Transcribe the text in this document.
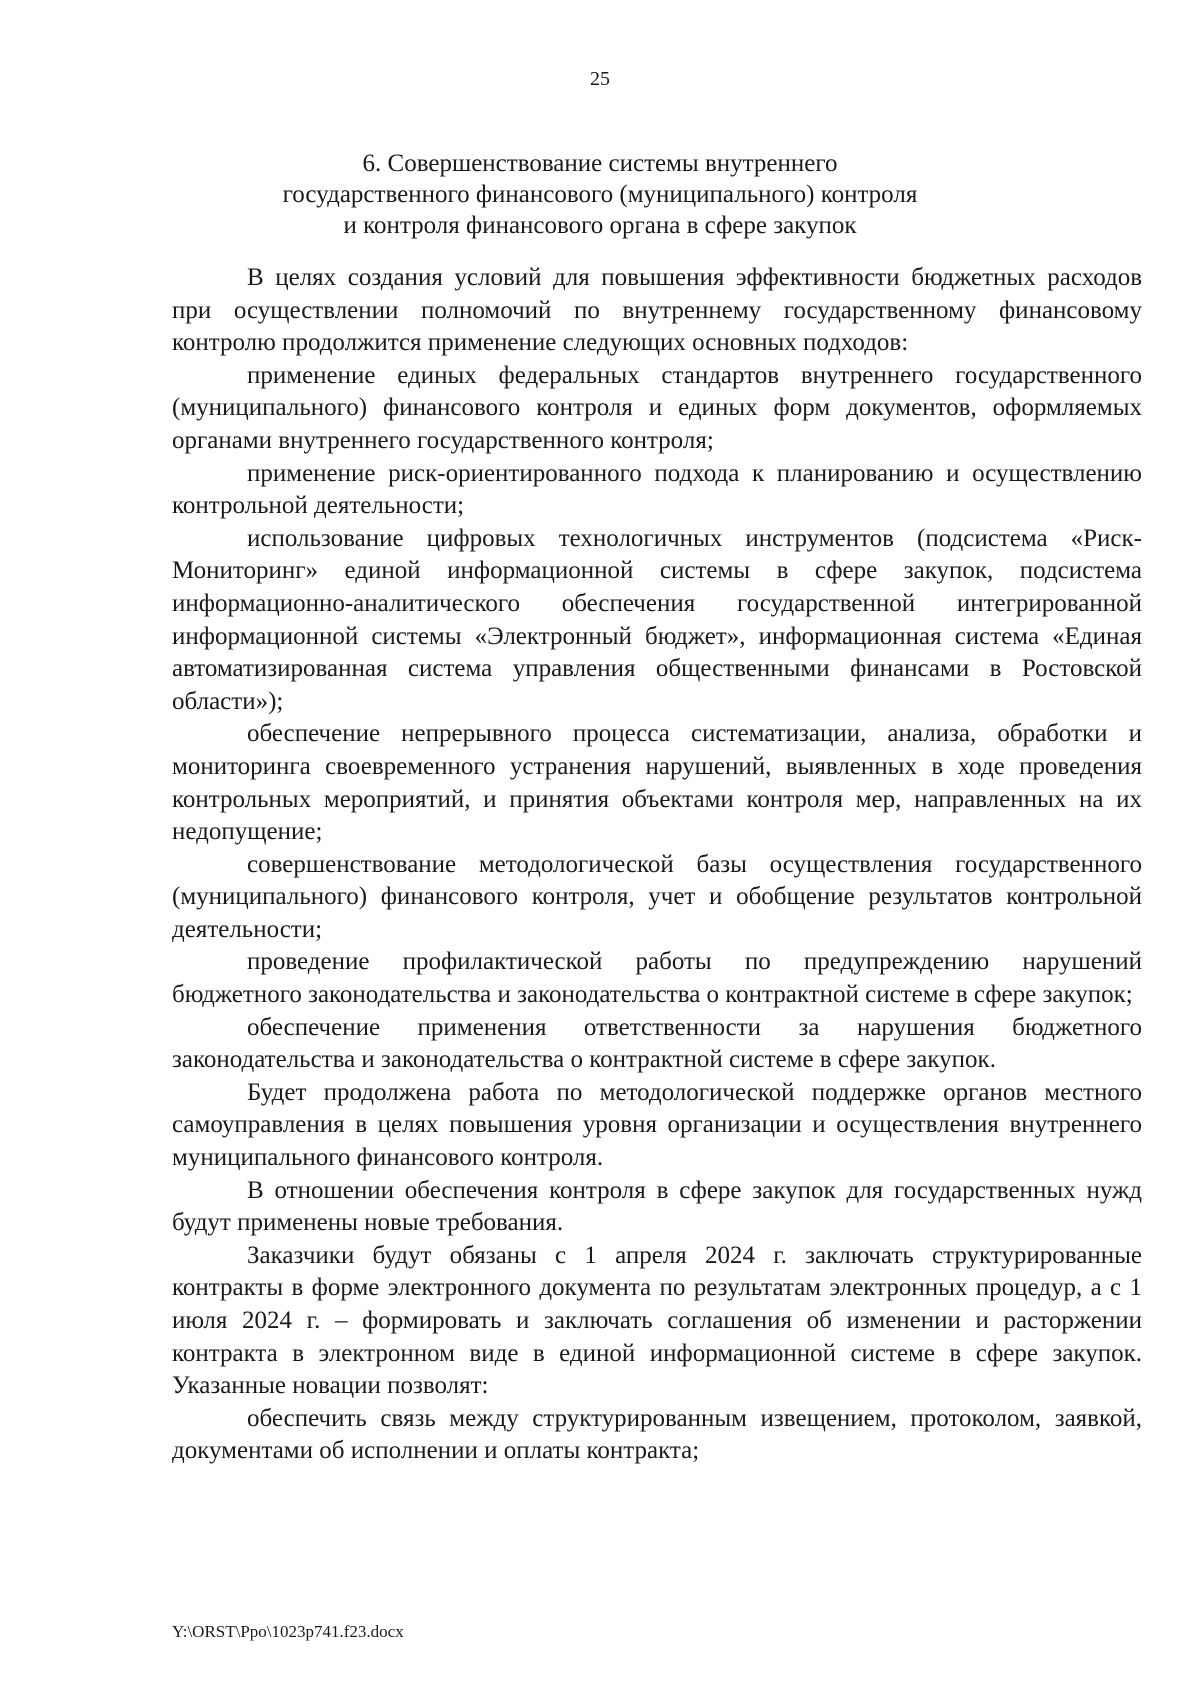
25
6. Совершенствование системы внутреннего
государственного финансового (муниципального) контроля
и контроля финансового органа в сфере закупок

В целях создания условий для повышения эффективности бюджетных расходов при осуществлении полномочий по внутреннему государственному финансовому контролю продолжится применение следующих основных подходов:

применение единых федеральных стандартов внутреннего государственного (муниципального) финансового контроля и единых форм документов, оформляемых органами внутреннего государственного контроля;

применение риск-ориентированного подхода к планированию и осуществлению контрольной деятельности;

использование цифровых технологичных инструментов (подсистема «Риск-Мониторинг» единой информационной системы в сфере закупок, подсистема информационно-аналитического обеспечения государственной интегрированной информационной системы «Электронный бюджет», информационная система «Единая автоматизированная система управления общественными финансами в Ростовской области»);

обеспечение непрерывного процесса систематизации, анализа, обработки и мониторинга своевременного устранения нарушений, выявленных в ходе проведения контрольных мероприятий, и принятия объектами контроля мер, направленных на их недопущение;

совершенствование методологической базы осуществления государственного (муниципального) финансового контроля, учет и обобщение результатов контрольной деятельности;

проведение профилактической работы по предупреждению нарушений бюджетного законодательства и законодательства о контрактной системе в сфере закупок;

обеспечение применения ответственности за нарушения бюджетного законодательства и законодательства о контрактной системе в сфере закупок.

Будет продолжена работа по методологической поддержке органов местного самоуправления в целях повышения уровня организации и осуществления внутреннего муниципального финансового контроля.

В отношении обеспечения контроля в сфере закупок для государственных нужд будут применены новые требования.

Заказчики будут обязаны с 1 апреля 2024 г. заключать структурированные контракты в форме электронного документа по результатам электронных процедур, а с 1 июля 2024 г. – формировать и заключать соглашения об изменении и расторжении контракта в электронном виде в единой информационной системе в сфере закупок. Указанные новации позволят:

обеспечить связь между структурированным извещением, протоколом, заявкой, документами об исполнении и оплаты контракта;

Y:\ORST\Ppo\1023p741.f23.docx
